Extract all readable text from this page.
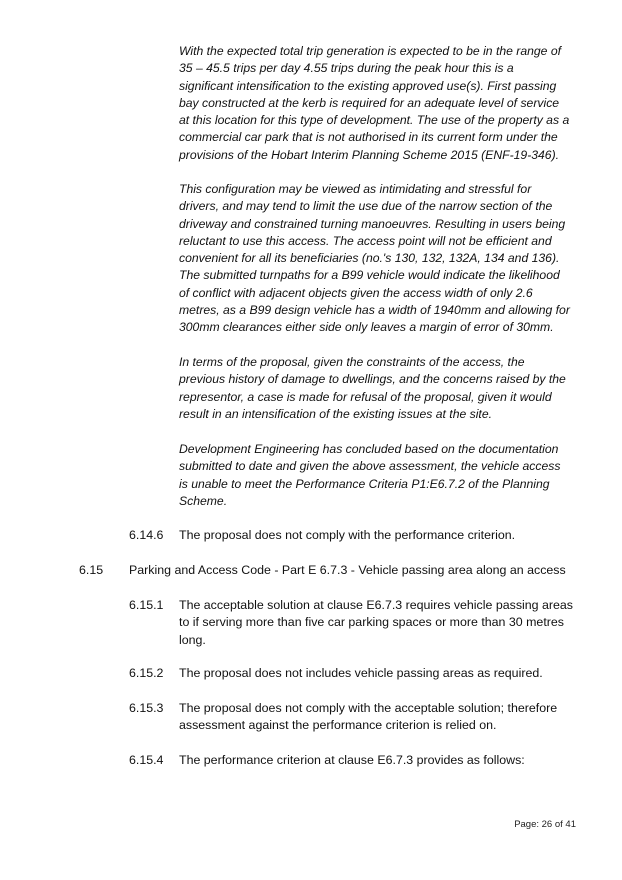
With the expected total trip generation is expected to be in the range of
35 – 45.5 trips per day 4.55 trips during the peak hour this is a
significant intensification to the existing approved use(s). First passing
bay constructed at the kerb is required for an adequate level of service
at this location for this type of development. The use of the property as a
commercial car park that is not authorised in its current form under the
provisions of the Hobart Interim Planning Scheme 2015 (ENF-19-346).
This configuration may be viewed as intimidating and stressful for
drivers, and may tend to limit the use due of the narrow section of the
driveway and constrained turning manoeuvres. Resulting in users being
reluctant to use this access. The access point will not be efficient and
convenient for all its beneficiaries (no.'s 130, 132, 132A, 134 and 136).
The submitted turnpaths for a B99 vehicle would indicate the likelihood
of conflict with adjacent objects given the access width of only 2.6
metres, as a B99 design vehicle has a width of 1940mm and allowing for
300mm clearances either side only leaves a margin of error of 30mm.
In terms of the proposal, given the constraints of the access, the
previous history of damage to dwellings, and the concerns raised by the
representor, a case is made for refusal of the proposal, given it would
result in an intensification of the existing issues at the site.
Development Engineering has concluded based on the documentation
submitted to date and given the above assessment, the vehicle access
is unable to meet the Performance Criteria P1:E6.7.2 of the Planning
Scheme.
6.14.6 The proposal does not comply with the performance criterion.
6.15 Parking and Access Code - Part E 6.7.3 - Vehicle passing area along an access
6.15.1 The acceptable solution at clause E6.7.3 requires vehicle passing areas
to if serving more than five car parking spaces or more than 30 metres
long.
6.15.2 The proposal does not includes vehicle passing areas as required.
6.15.3 The proposal does not comply with the acceptable solution; therefore
assessment against the performance criterion is relied on.
6.15.4 The performance criterion at clause E6.7.3 provides as follows:
Page: 26 of 41
